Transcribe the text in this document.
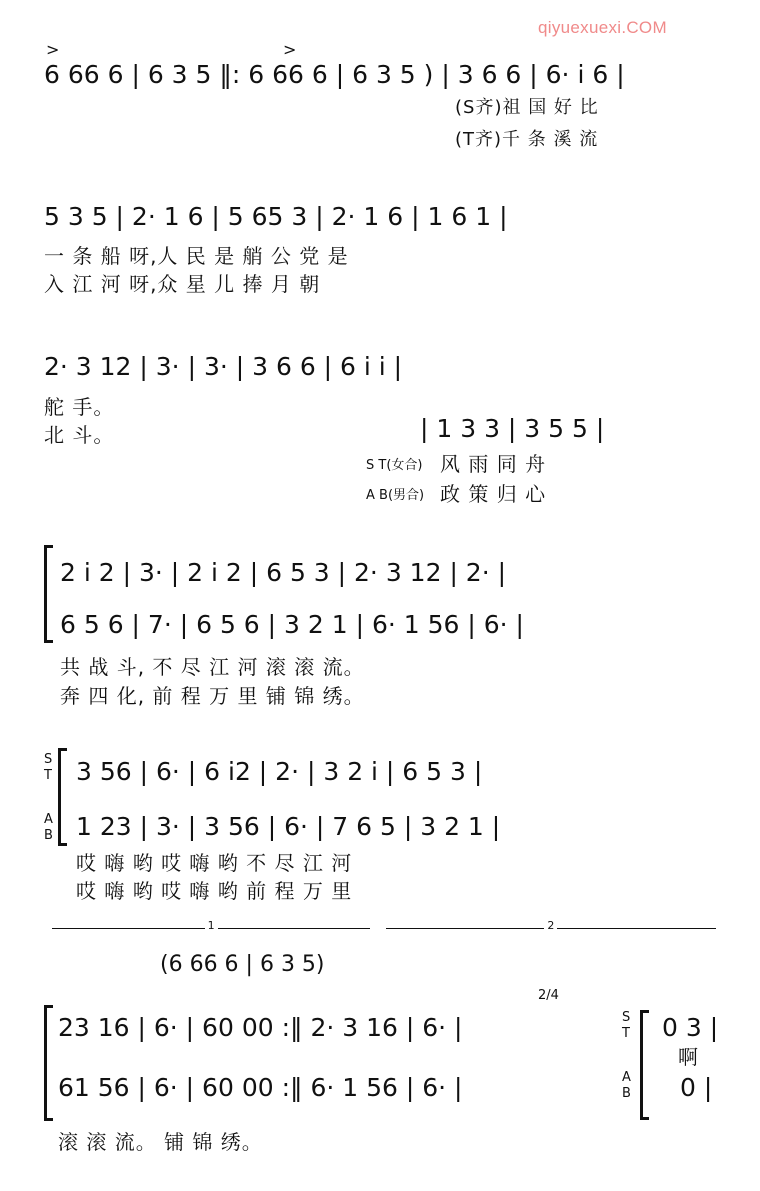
qiyuexuexi.COM
>	>
6 66 6 | 6 3 5 ‖: 6 66 6 | 6 3 5 ) | 3 6 6 | 6· i 6 |
(S齐)祖 国 好 比
(T齐)千 条 溪 流
5 3 5 | 2· 1 6 | 5 65 3 | 2· 1 6 | 1 6 1 |
一 条 船 呀,人 民 是 艄 公 党 是
入 江 河 呀,众 星 儿 捧 月 朝
2· 3 12 | 3· | 3· | 3 6 6 | 6 i i |
舵 手。
北 斗。	| 1 3 3 | 3 5 5 |
S T(女合) 风 雨 同 舟
A B(男合) 政 策 归 心
2 i 2 | 3· | 2 i 2 | 6 5 3 | 2· 3 12 | 2· |
6 5 6 | 7· | 6 5 6 | 3 2 1 | 6· 1 56 | 6· |
共 战 斗, 不 尽 江 河 滚 滚 流。
奔 四 化, 前 程 万 里 铺 锦 绣。
S T
A B
3 56 | 6· | 6 i2 | 2· | 3 2 i | 6 5 3 |
1 23 | 3· | 3 56 | 6· | 7 6 5 | 3 2 1 |
哎 嗨 哟 哎 嗨 哟 不 尽 江 河
哎 嗨 哟 哎 嗨 哟 前 程 万 里
1	2
(6 66 6 | 6 3 5)
2/4
23 16 | 6· | 60 00 :‖ 2· 3 16 | 6· |
61 56 | 6· | 60 00 :‖ 6· 1 56 | 6· |
S T
A B
0 3 |
啊
0 |
滚 滚 流。 铺 锦 绣。
